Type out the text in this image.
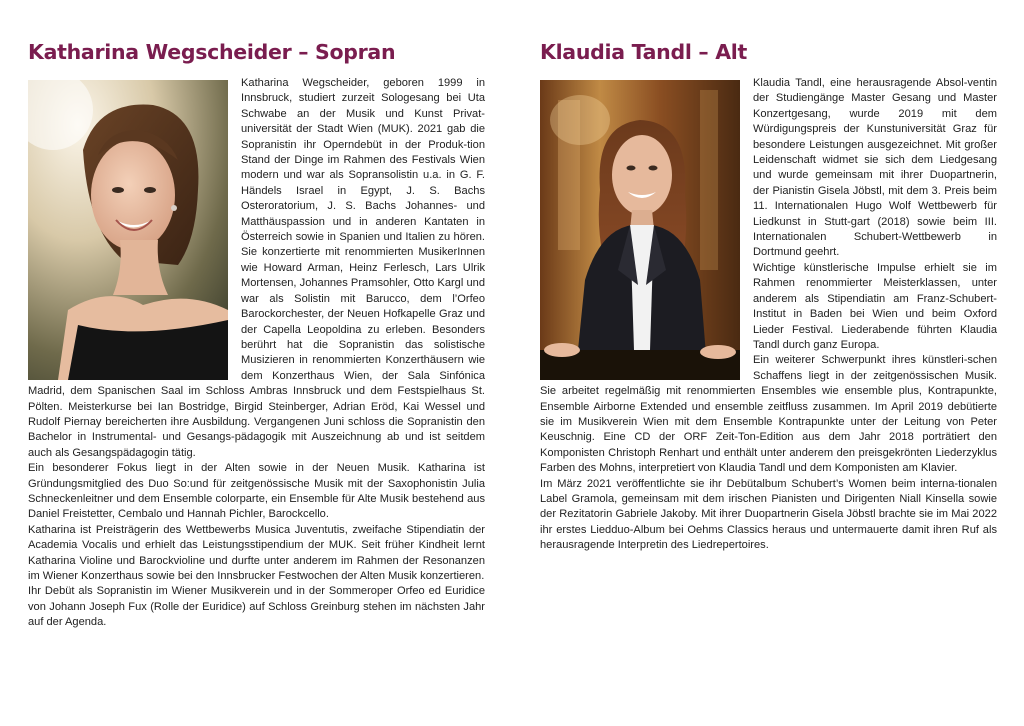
Katharina Wegscheider – Sopran

Katharina Wegscheider, geboren 1999 in Innsbruck, studiert zurzeit Sologesang bei Uta Schwabe an der Musik und Kunst Privat-universität der Stadt Wien (MUK). 2021 gab die Sopranistin ihr Operndebüt in der Produk-tion Stand der Dinge im Rahmen des Festivals Wien modern und war als Sopransolistin u.a. in G. F. Händels Israel in Egypt, J. S. Bachs Osteroratorium, J. S. Bachs Johannes- und Matthäuspassion und in anderen Kantaten in Österreich sowie in Spanien und Italien zu hören. Sie konzertierte mit renommierten MusikerInnen wie Howard Arman, Heinz Ferlesch, Lars Ulrik Mortensen, Johannes Pramsohler, Otto Kargl und war als Solistin mit Barucco, dem l’Orfeo Barockorchester, der Neuen Hofkapelle Graz und der Capella Leopoldina zu erleben. Besonders berührt hat die Sopranistin das solistische Musizieren in renommierten Konzerthäusern wie dem Konzerthaus Wien, der Sala Sinfónica Madrid, dem Spanischen Saal im Schloss Ambras Innsbruck und dem Festspielhaus St. Pölten. Meisterkurse bei Ian Bostridge, Birgid Steinberger, Adrian Eröd, Kai Wessel und Rudolf Piernay bereicherten ihre Ausbildung. Vergangenen Juni schloss die Sopranistin den Bachelor in Instrumental- und Gesangs-pädagogik mit Auszeichnung ab und ist seitdem auch als Gesangspädagogin tätig.

Ein besonderer Fokus liegt in der Alten sowie in der Neuen Musik. Katharina ist Gründungsmitglied des Duo So:und für zeitgenössische Musik mit der Saxophonistin Julia Schneckenleitner und dem Ensemble colorparte, ein Ensemble für Alte Musik bestehend aus Daniel Freistetter, Cembalo und Hannah Pichler, Barockcello.

Katharina ist Preisträgerin des Wettbewerbs Musica Juventutis, zweifache Stipendiatin der Academia Vocalis und erhielt das Leistungsstipendium der MUK. Seit früher Kindheit lernt Katharina Violine und Barockvioline und durfte unter anderem im Rahmen der Resonanzen im Wiener Konzerthaus sowie bei den Innsbrucker Festwochen der Alten Musik konzertieren.

Ihr Debüt als Sopranistin im Wiener Musikverein und in der Sommeroper Orfeo ed Euridice von Johann Joseph Fux (Rolle der Euridice) auf Schloss Greinburg stehen im nächsten Jahr auf der Agenda.

Klaudia Tandl – Alt

Klaudia Tandl, eine herausragende Absol-ventin der Studiengänge Master Gesang und Master Konzertgesang, wurde 2019 mit dem Würdigungspreis der Kunstuniversität Graz für besondere Leistungen ausgezeichnet. Mit großer Leidenschaft widmet sie sich dem Liedgesang und wurde gemeinsam mit ihrer Duopartnerin, der Pianistin Gisela Jöbstl, mit dem 3. Preis beim 11. Internationalen Hugo Wolf Wettbewerb für Liedkunst in Stutt-gart (2018) sowie beim III. Internationalen Schubert-Wettbewerb in Dortmund geehrt.

Wichtige künstlerische Impulse erhielt sie im Rahmen renommierter Meisterklassen, unter anderem als Stipendiatin am Franz-Schubert-Institut in Baden bei Wien und beim Oxford Lieder Festival. Liederabende führten Klaudia Tandl durch ganz Europa.

Ein weiterer Schwerpunkt ihres künstleri-schen Schaffens liegt in der zeitgenössischen Musik. Sie arbeitet regelmäßig mit renommierten Ensembles wie ensemble plus, Kontrapunkte, Ensemble Airborne Extended und ensemble zeitfluss zusammen. Im April 2019 debütierte sie im Musikverein Wien mit dem Ensemble Kontrapunkte unter der Leitung von Peter Keuschnig. Eine CD der ORF Zeit-Ton-Edition aus dem Jahr 2018 porträtiert den Komponisten Christoph Renhart und enthält unter anderem den preisgekrönten Liederzyklus Farben des Mohns, interpretiert von Klaudia Tandl und dem Komponisten am Klavier.

Im März 2021 veröffentlichte sie ihr Debütalbum Schubert’s Women beim interna-tionalen Label Gramola, gemeinsam mit dem irischen Pianisten und Dirigenten Niall Kinsella sowie der Rezitatorin Gabriele Jakoby. Mit ihrer Duopartnerin Gisela Jöbstl brachte sie im Mai 2022 ihr erstes Liedduo-Album bei Oehms Classics heraus und untermauerte damit ihren Ruf als herausragende Interpretin des Liedrepertoires.
